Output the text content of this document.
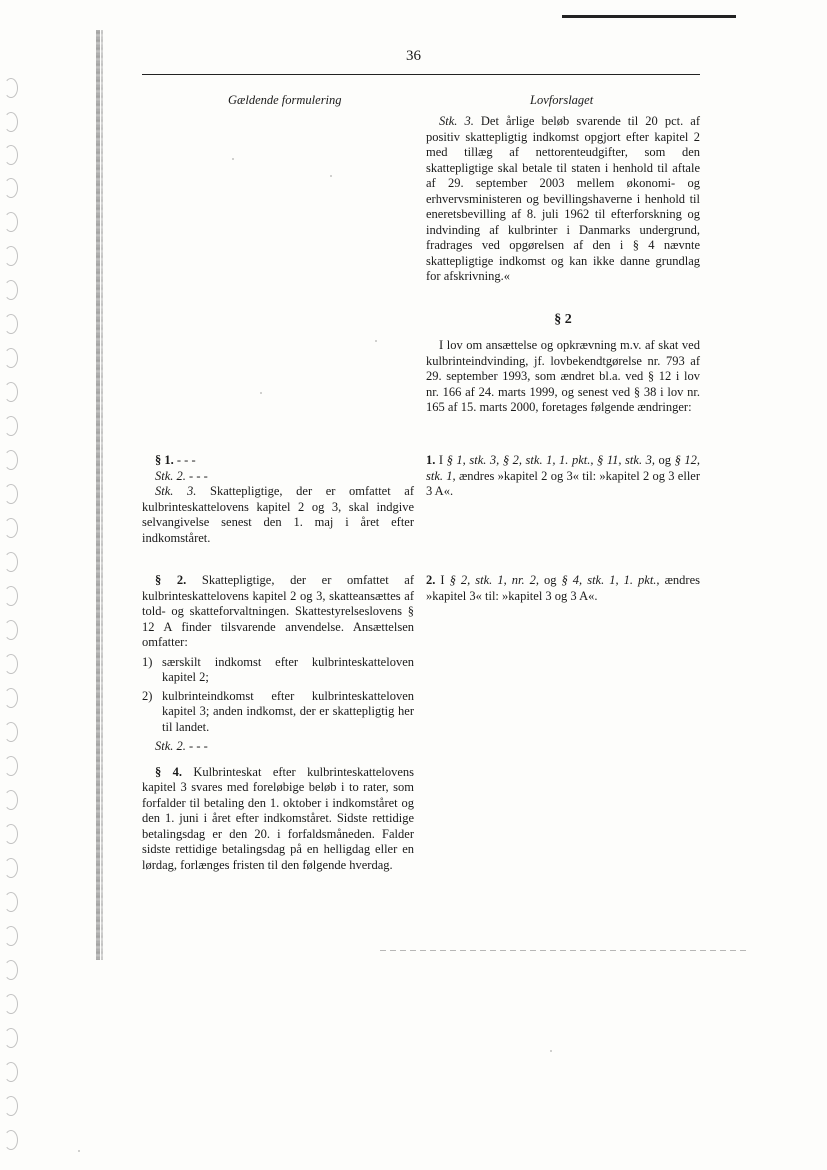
36
Gældende formulering	Lovforslaget

Stk. 3. Det årlige beløb svarende til 20 pct. af positiv skattepligtig indkomst opgjort efter kapitel 2 med tillæg af nettorenteudgifter, som den skattepligtige skal betale til staten i henhold til aftale af 29. september 2003 mellem økonomi- og erhvervsministeren og bevillingshaverne i henhold til eneretsbevilling af 8. juli 1962 til efterforskning og indvinding af kulbrinter i Danmarks undergrund, fradrages ved opgørelsen af den i § 4 nævnte skattepligtige indkomst og kan ikke danne grundlag for afskrivning.«

§ 2

I lov om ansættelse og opkrævning m.v. af skat ved kulbrinteindvinding, jf. lovbekendtgørelse nr. 793 af 29. september 1993, som ændret bl.a. ved § 12 i lov nr. 166 af 24. marts 1999, og senest ved § 38 i lov nr. 165 af 15. marts 2000, foretages følgende ændringer:

§ 1. - - -

Stk. 2. - - -

Stk. 3. Skattepligtige, der er omfattet af kulbrinteskattelovens kapitel 2 og 3, skal indgive selvangivelse senest den 1. maj i året efter indkomståret.

1. I § 1, stk. 3, § 2, stk. 1, 1. pkt., § 11, stk. 3, og § 12, stk. 1, ændres »kapitel 2 og 3« til: »kapitel 2 og 3 eller 3 A«.

§ 2. Skattepligtige, der er omfattet af kulbrinteskattelovens kapitel 2 og 3, skatteansættes af told- og skatteforvaltningen. Skattestyrelseslovens § 12 A finder tilsvarende anvendelse. Ansættelsen omfatter:

1) særskilt indkomst efter kulbrinteskatteloven kapitel 2;
2) kulbrinteindkomst efter kulbrinteskatteloven kapitel 3; anden indkomst, der er skattepligtig her til landet.

Stk. 2. - - -

§ 4. Kulbrinteskat efter kulbrinteskattelovens kapitel 3 svares med foreløbige beløb i to rater, som forfalder til betaling den 1. oktober i indkomståret og den 1. juni i året efter indkomståret. Sidste rettidige betalingsdag er den 20. i forfaldsmåneden. Falder sidste rettidige betalingsdag på en helligdag eller en lørdag, forlænges fristen til den følgende hverdag.

2. I § 2, stk. 1, nr. 2, og § 4, stk. 1, 1. pkt., ændres »kapitel 3« til: »kapitel 3 og 3 A«.
